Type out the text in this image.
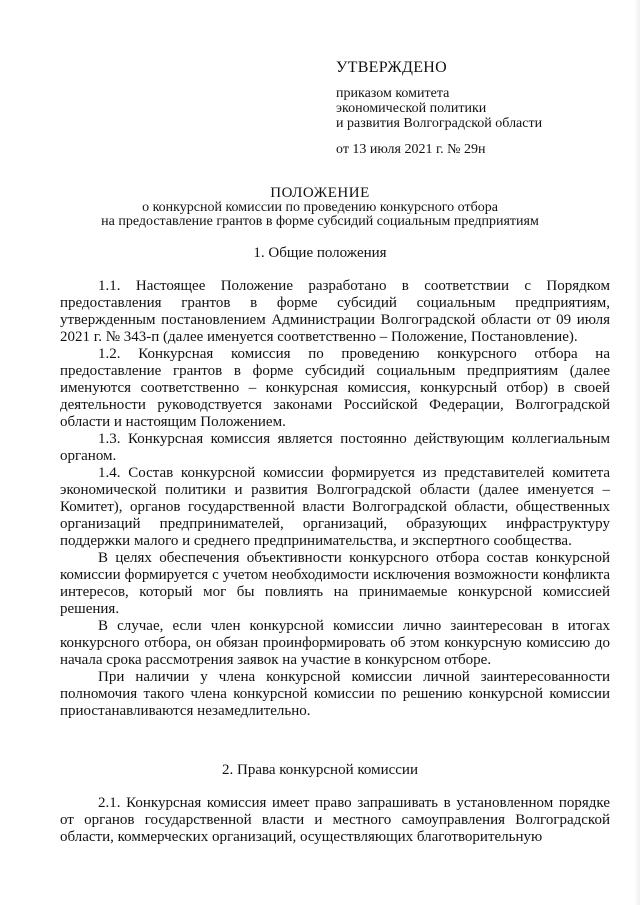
УТВЕРЖДЕНО
приказом комитета
экономической политики
и развития Волгоградской области
от 13 июля 2021 г. № 29н
ПОЛОЖЕНИЕ
о конкурсной комиссии по проведению конкурсного отбора
на предоставление грантов в форме субсидий социальным предприятиям
1. Общие положения

1.1. Настоящее Положение разработано в соответствии с Порядком предоставления грантов в форме субсидий социальным предприятиям, утвержденным постановлением Администрации Волгоградской области от 09 июля 2021 г. № 343-п (далее именуется соответственно – Положение, Постановление).

1.2. Конкурсная комиссия по проведению конкурсного отбора на предоставление грантов в форме субсидий социальным предприятиям (далее именуются соответственно – конкурсная комиссия, конкурсный отбор) в своей деятельности руководствуется законами Российской Федерации, Волгоградской области и настоящим Положением.

1.3. Конкурсная комиссия является постоянно действующим коллегиальным органом.

1.4. Состав конкурсной комиссии формируется из представителей комитета экономической политики и развития Волгоградской области (далее именуется – Комитет), органов государственной власти Волгоградской области, общественных организаций предпринимателей, организаций, образующих инфраструктуру поддержки малого и среднего предпринимательства, и экспертного сообщества.

В целях обеспечения объективности конкурсного отбора состав конкурсной комиссии формируется с учетом необходимости исключения возможности конфликта интересов, который мог бы повлиять на принимаемые конкурсной комиссией решения.

В случае, если член конкурсной комиссии лично заинтересован в итогах конкурсного отбора, он обязан проинформировать об этом конкурсную комиссию до начала срока рассмотрения заявок на участие в конкурсном отборе.

При наличии у члена конкурсной комиссии личной заинтересованности полномочия такого члена конкурсной комиссии по решению конкурсной комиссии приостанавливаются незамедлительно.

2. Права конкурсной комиссии

2.1. Конкурсная комиссия имеет право запрашивать в установленном порядке от органов государственной власти и местного самоуправления Волгоградской области, коммерческих организаций, осуществляющих благотворительную
